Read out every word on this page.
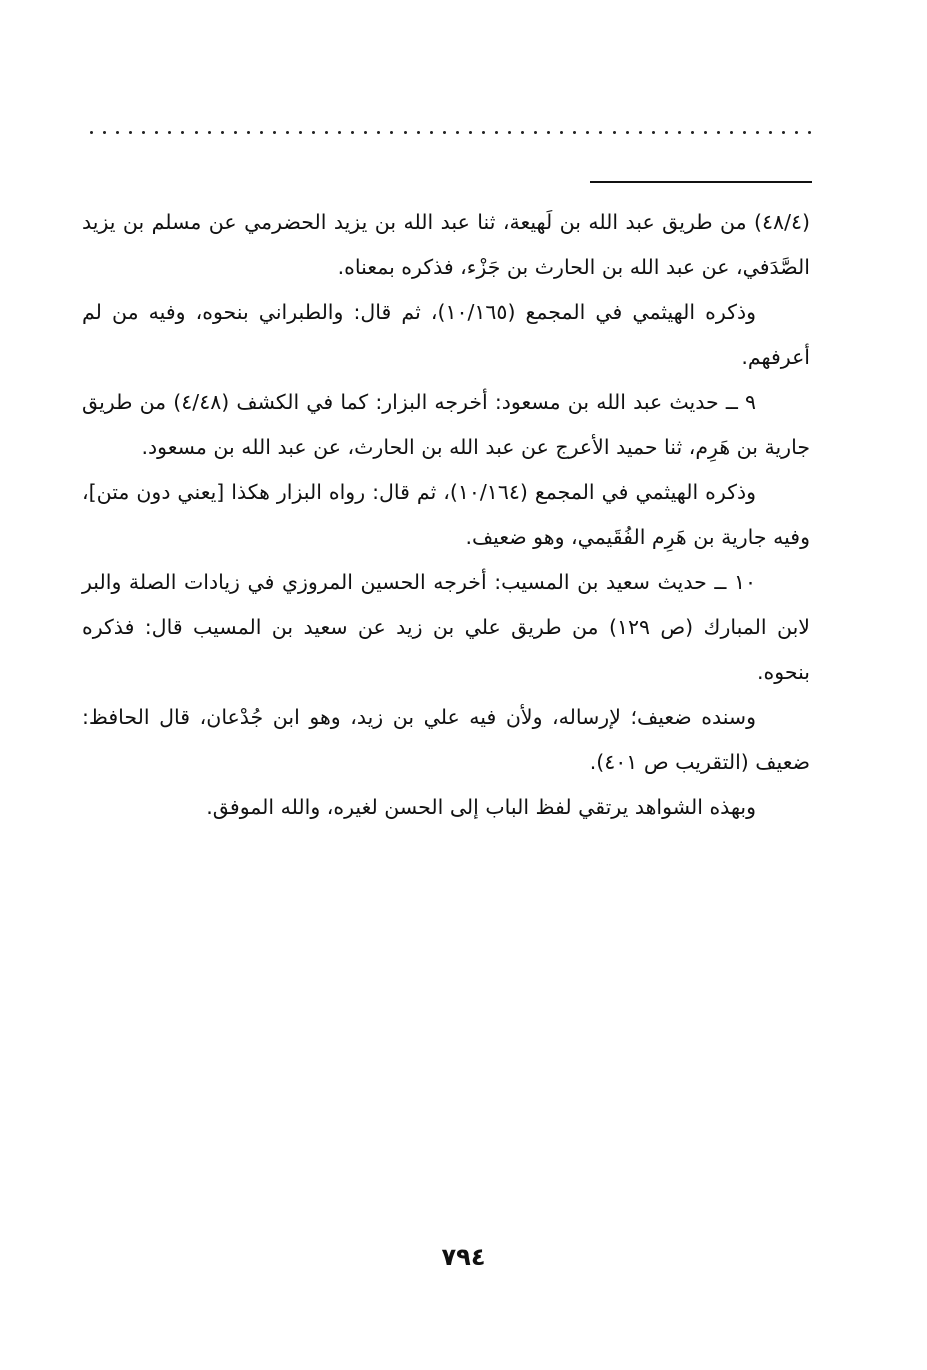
(٤٨/٤) من طريق عبد الله بن لَهيعة، ثنا عبد الله بن يزيد الحضرمي عن مسلم بن يزيد الصَّدَفي، عن عبد الله بن الحارث بن جَزْء، فذكره بمعناه.

وذكره الهيثمي في المجمع (١٠/١٦٥)، ثم قال: والطبراني بنحوه، وفيه من لم أعرفهم.

٩ ــ حديث عبد الله بن مسعود: أخرجه البزار: كما في الكشف (٤/٤٨) من طريق جارية بن هَرِم، ثنا حميد الأعرج عن عبد الله بن الحارث، عن عبد الله بن مسعود.

وذكره الهيثمي في المجمع (١٠/١٦٤)، ثم قال: رواه البزار هكذا [يعني دون متن]، وفيه جارية بن هَرِم الفُقَيمي، وهو ضعيف.

١٠ ــ حديث سعيد بن المسيب: أخرجه الحسين المروزي في زيادات الصلة والبر لابن المبارك (ص ١٢٩) من طريق علي بن زيد عن سعيد بن المسيب قال: فذكره بنحوه.

وسنده ضعيف؛ لإرساله، ولأن فيه علي بن زيد، وهو ابن جُدْعان، قال الحافظ: ضعيف (التقريب ص ٤٠١).

وبهذه الشواهد يرتقي لفظ الباب إلى الحسن لغيره، والله الموفق.

٧٩٤
